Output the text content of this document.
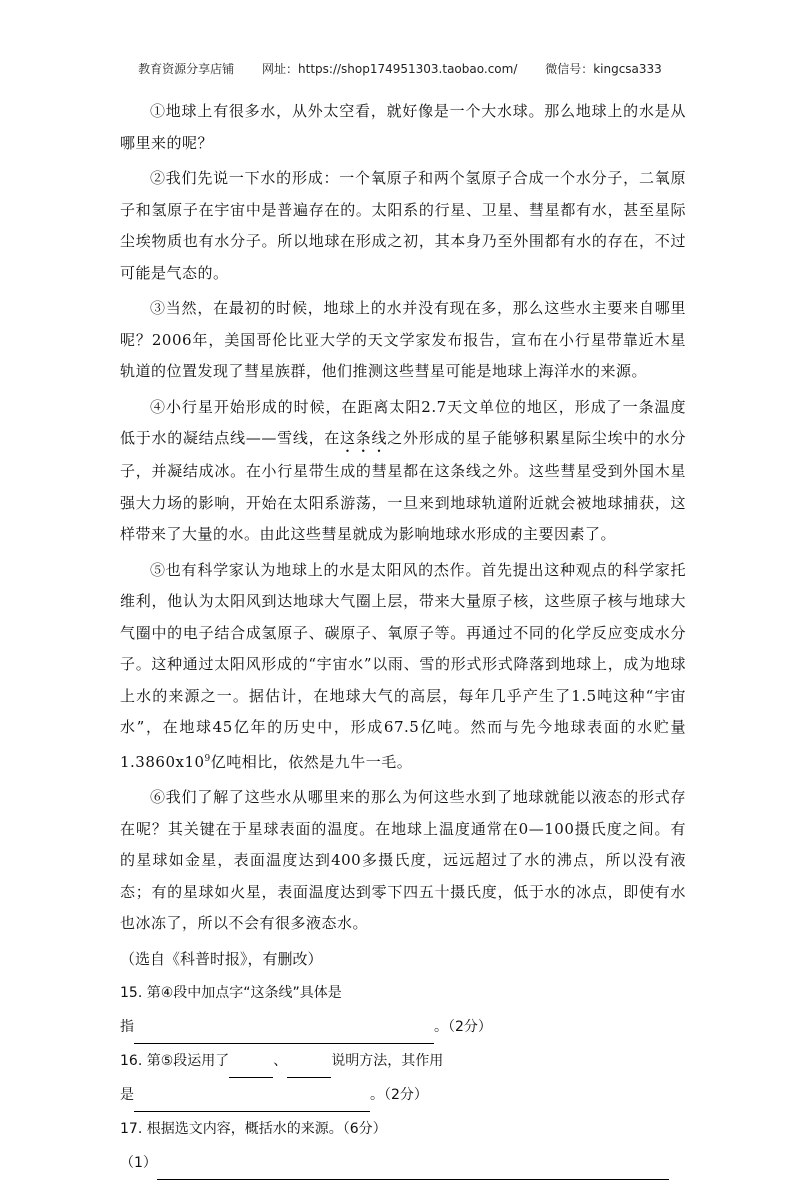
教育资源分享店铺 网址：https://shop174951303.taobao.com/ 微信号：kingcsa333

①地球上有很多水，从外太空看，就好像是一个大水球。那么地球上的水是从哪里来的呢？

②我们先说一下水的形成：一个氧原子和两个氢原子合成一个水分子，二氧原子和氢原子在宇宙中是普遍存在的。太阳系的行星、卫星、彗星都有水，甚至星际尘埃物质也有水分子。所以地球在形成之初，其本身乃至外围都有水的存在，不过可能是气态的。

③当然，在最初的时候，地球上的水并没有现在多，那么这些水主要来自哪里呢？2006年，美国哥伦比亚大学的天文学家发布报告，宣布在小行星带靠近木星轨道的位置发现了彗星族群，他们推测这些彗星可能是地球上海洋水的来源。

④小行星开始形成的时候，在距离太阳2.7天文单位的地区，形成了一条温度低于水的凝结点线——雪线，在这条线之外形成的星子能够积累星际尘埃中的水分子，并凝结成冰。在小行星带生成的彗星都在这条线之外。这些彗星受到外国木星强大力场的影响，开始在太阳系游荡，一旦来到地球轨道附近就会被地球捕获，这样带来了大量的水。由此这些彗星就成为影响地球水形成的主要因素了。

⑤也有科学家认为地球上的水是太阳风的杰作。首先提出这种观点的科学家托维利，他认为太阳风到达地球大气圈上层，带来大量原子核，这些原子核与地球大气圈中的电子结合成氢原子、碳原子、氧原子等。再通过不同的化学反应变成水分子。这种通过太阳风形成的“宇宙水”以雨、雪的形式形式降落到地球上，成为地球上水的来源之一。据估计，在地球大气的高层，每年几乎产生了1.5吨这种“宇宙水”，在地球45亿年的历史中，形成67.5亿吨。然而与先今地球表面的水贮量$1.3860x10^9$亿吨相比，依然是九牛一毛。

⑥我们了解了这些水从哪里来的那么为何这些水到了地球就能以液态的形式存在呢？其关键在于星球表面的温度。在地球上温度通常在0—100摄氏度之间。有的星球如金星，表面温度达到400多摄氏度，远远超过了水的沸点，所以没有液态；有的星球如火星，表面温度达到零下四五十摄氏度，低于水的冰点，即使有水也冰冻了，所以不会有很多液态水。

（选自《科普时报》，有删改）

15. 第④段中加点字“这条线”具体是

指	。（2分）

16. 第⑤段运用了	、	说明方法，其作用

是	。（2分）

17. 根据选文内容，概括水的来源。（6分）

（1）
